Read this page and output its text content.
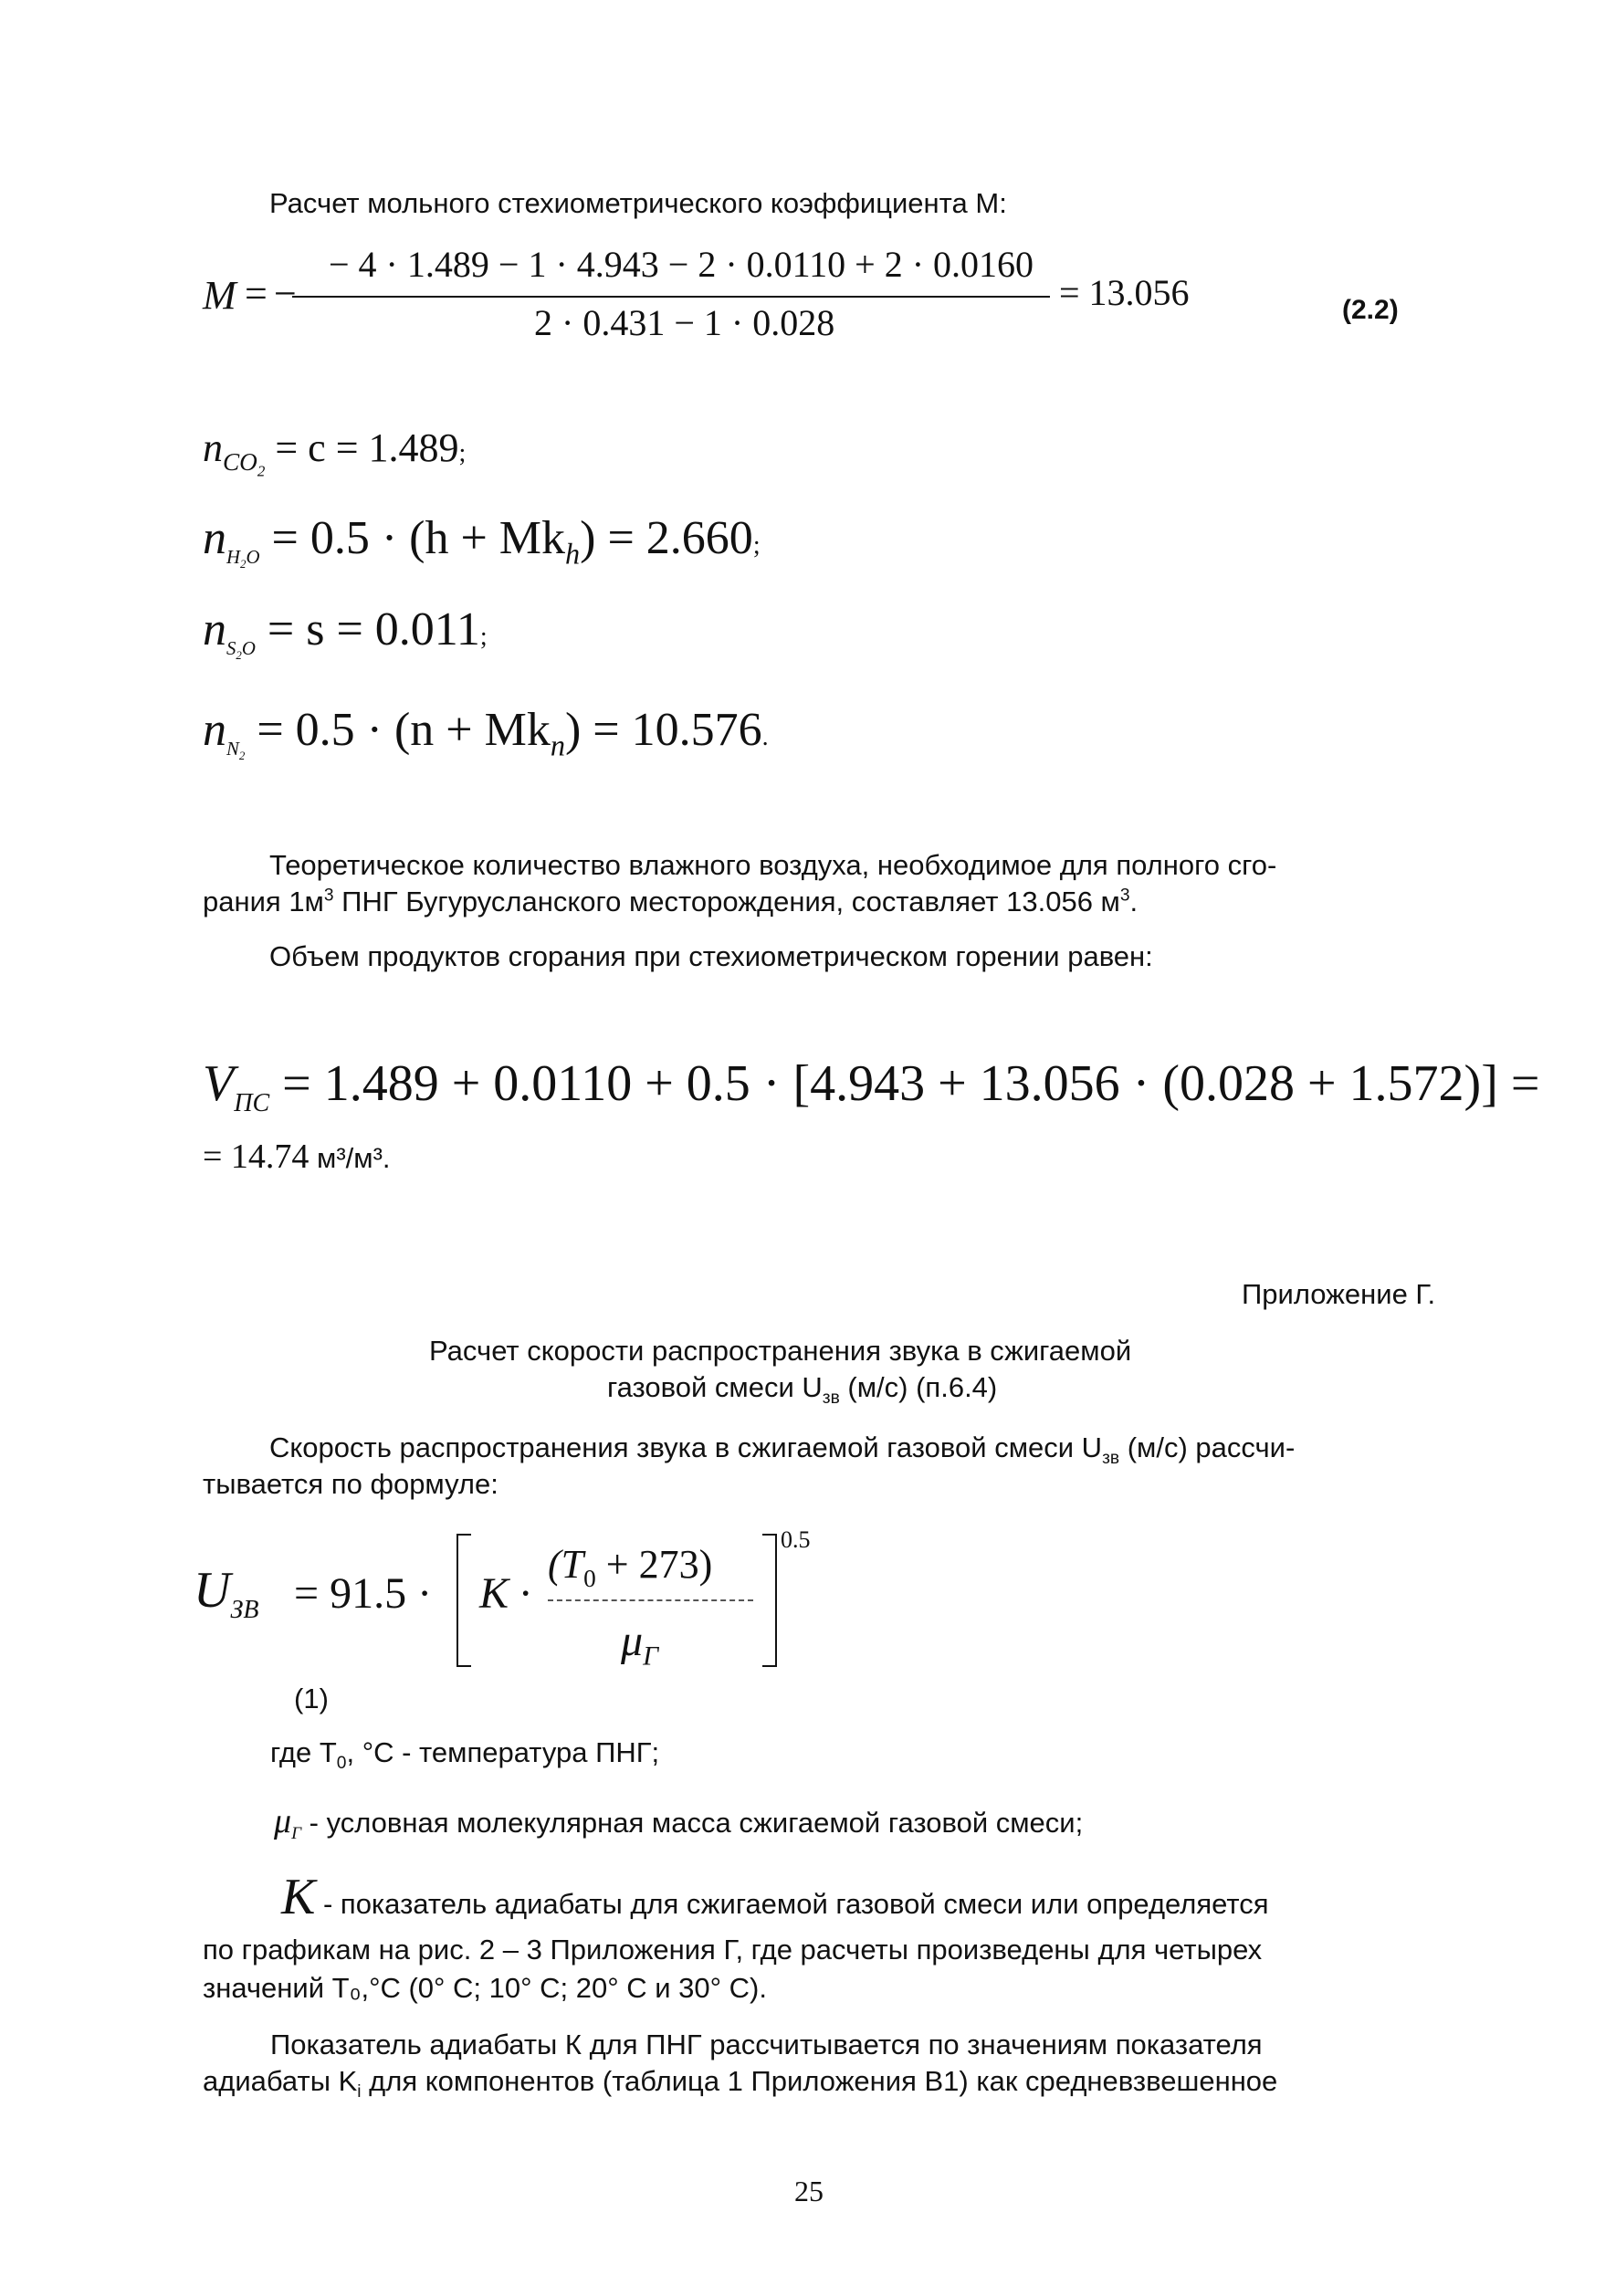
Расчет мольного стехиометрического коэффициента М:
M = −
− 4 · 1.489 − 1 · 4.943 − 2 · 0.0110 + 2 · 0.0160
2 · 0.431 − 1 · 0.028
= 13.056	(2.2)
$n_{CO_2} = c = 1.489$;
$n_{H_2O} = 0.5 \cdot (h + Mk_h) = 2.660$;
$n_{S_2O} = s = 0.011$;
$n_{N_2} = 0.5 \cdot (n + Mk_n) = 10.576$.
Теоретическое количество влажного воздуха, необходимое для полного сго-
рания $1м^3$ ПНГ Бугурусланского месторождения, составляет 13.056 $м^3$.
Объем продуктов сгорания при стехиометрическом горении равен:
$V_{ПС} = 1.489 + 0.0110 + 0.5 \cdot [4.943 + 13.056 \cdot (0.028 + 1.572)]$ =
= 14.74 м³/м³.
Приложение Г.
Расчет скорости распространения звука в сжигаемой
газовой смеси $U_{зв}$ (м/с) (п.6.4)
Скорость распространения звука в сжигаемой газовой смеси $U_{зв}$ (м/с) рассчи-
тывается по формуле:
$U_{ЗВ} = 91.5 \cdot K$ ·
$(T_0 + 273)$
$\mu_Г$
0.5
(1)
где $T_0$, °С - температура ПНГ;
$\mu_Г$ - условная молекулярная масса сжигаемой газовой смеси;
K - показатель адиабаты для сжигаемой газовой смеси или определяется
по графикам на рис. 2 – 3 Приложения Г, где расчеты произведены для четырех
значений T₀,°С (0° С; 10° С; 20° С и 30° С).
Показатель адиабаты К для ПНГ рассчитывается по значениям показателя
адиабаты $K_i$ для компонентов (таблица 1 Приложения В1) как средневзвешенное
25
